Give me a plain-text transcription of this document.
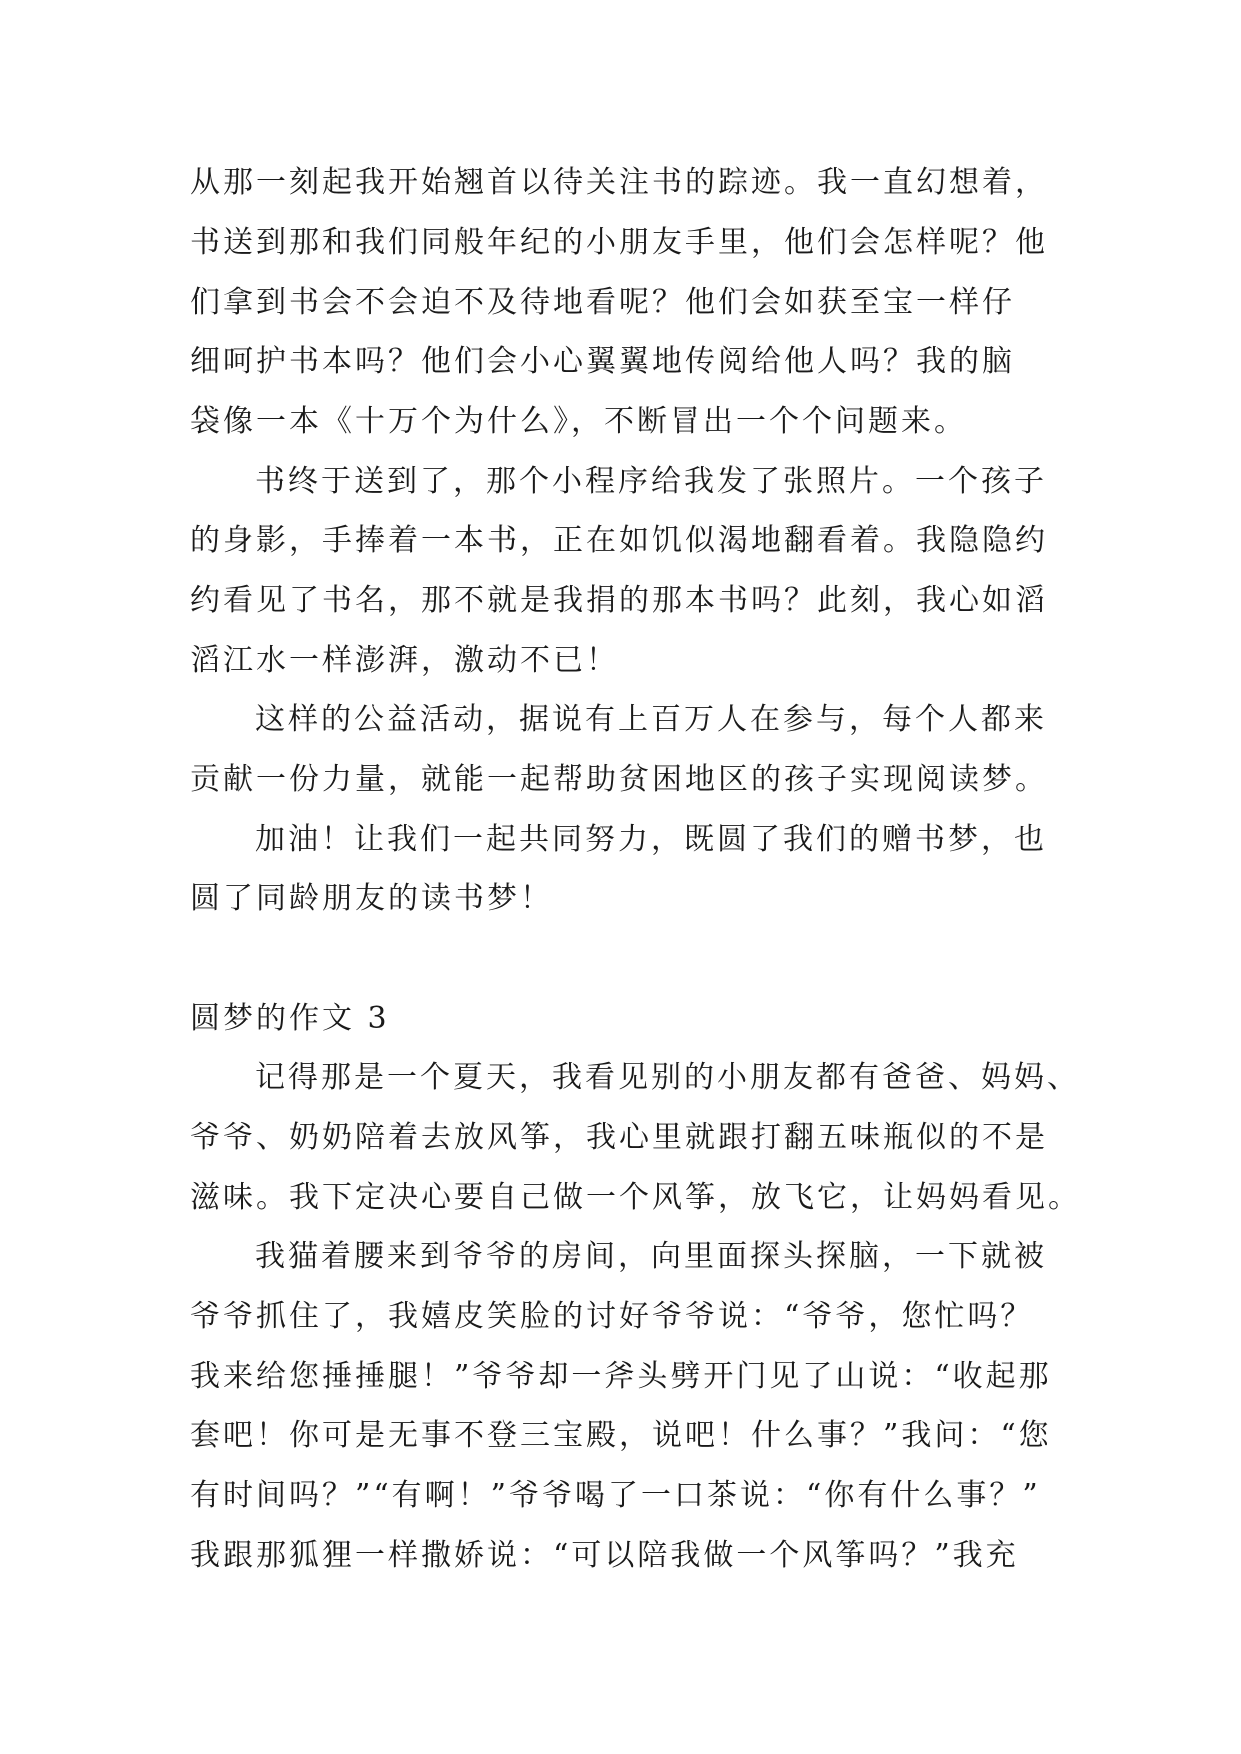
从那一刻起我开始翘首以待关注书的踪迹。我一直幻想着，
书送到那和我们同般年纪的小朋友手里，他们会怎样呢？他
们拿到书会不会迫不及待地看呢？他们会如获至宝一样仔
细呵护书本吗？他们会小心翼翼地传阅给他人吗？我的脑
袋像一本《十万个为什么》，不断冒出一个个问题来。
书终于送到了，那个小程序给我发了张照片。一个孩子
的身影，手捧着一本书，正在如饥似渴地翻看着。我隐隐约
约看见了书名，那不就是我捐的那本书吗？此刻，我心如滔
滔江水一样澎湃，激动不已！
这样的公益活动，据说有上百万人在参与，每个人都来
贡献一份力量，就能一起帮助贫困地区的孩子实现阅读梦。
加油！让我们一起共同努力，既圆了我们的赠书梦，也
圆了同龄朋友的读书梦！
圆梦的作文 3
记得那是一个夏天，我看见别的小朋友都有爸爸、妈妈、
爷爷、奶奶陪着去放风筝，我心里就跟打翻五味瓶似的不是
滋味。我下定决心要自己做一个风筝，放飞它，让妈妈看见。
我猫着腰来到爷爷的房间，向里面探头探脑，一下就被
爷爷抓住了，我嬉皮笑脸的讨好爷爷说：“爷爷，您忙吗？
我来给您捶捶腿！”爷爷却一斧头劈开门见了山说：“收起那
套吧！你可是无事不登三宝殿，说吧！什么事？”我问：“您
有时间吗？”“有啊！”爷爷喝了一口茶说：“你有什么事？”
我跟那狐狸一样撒娇说：“可以陪我做一个风筝吗？”我充
